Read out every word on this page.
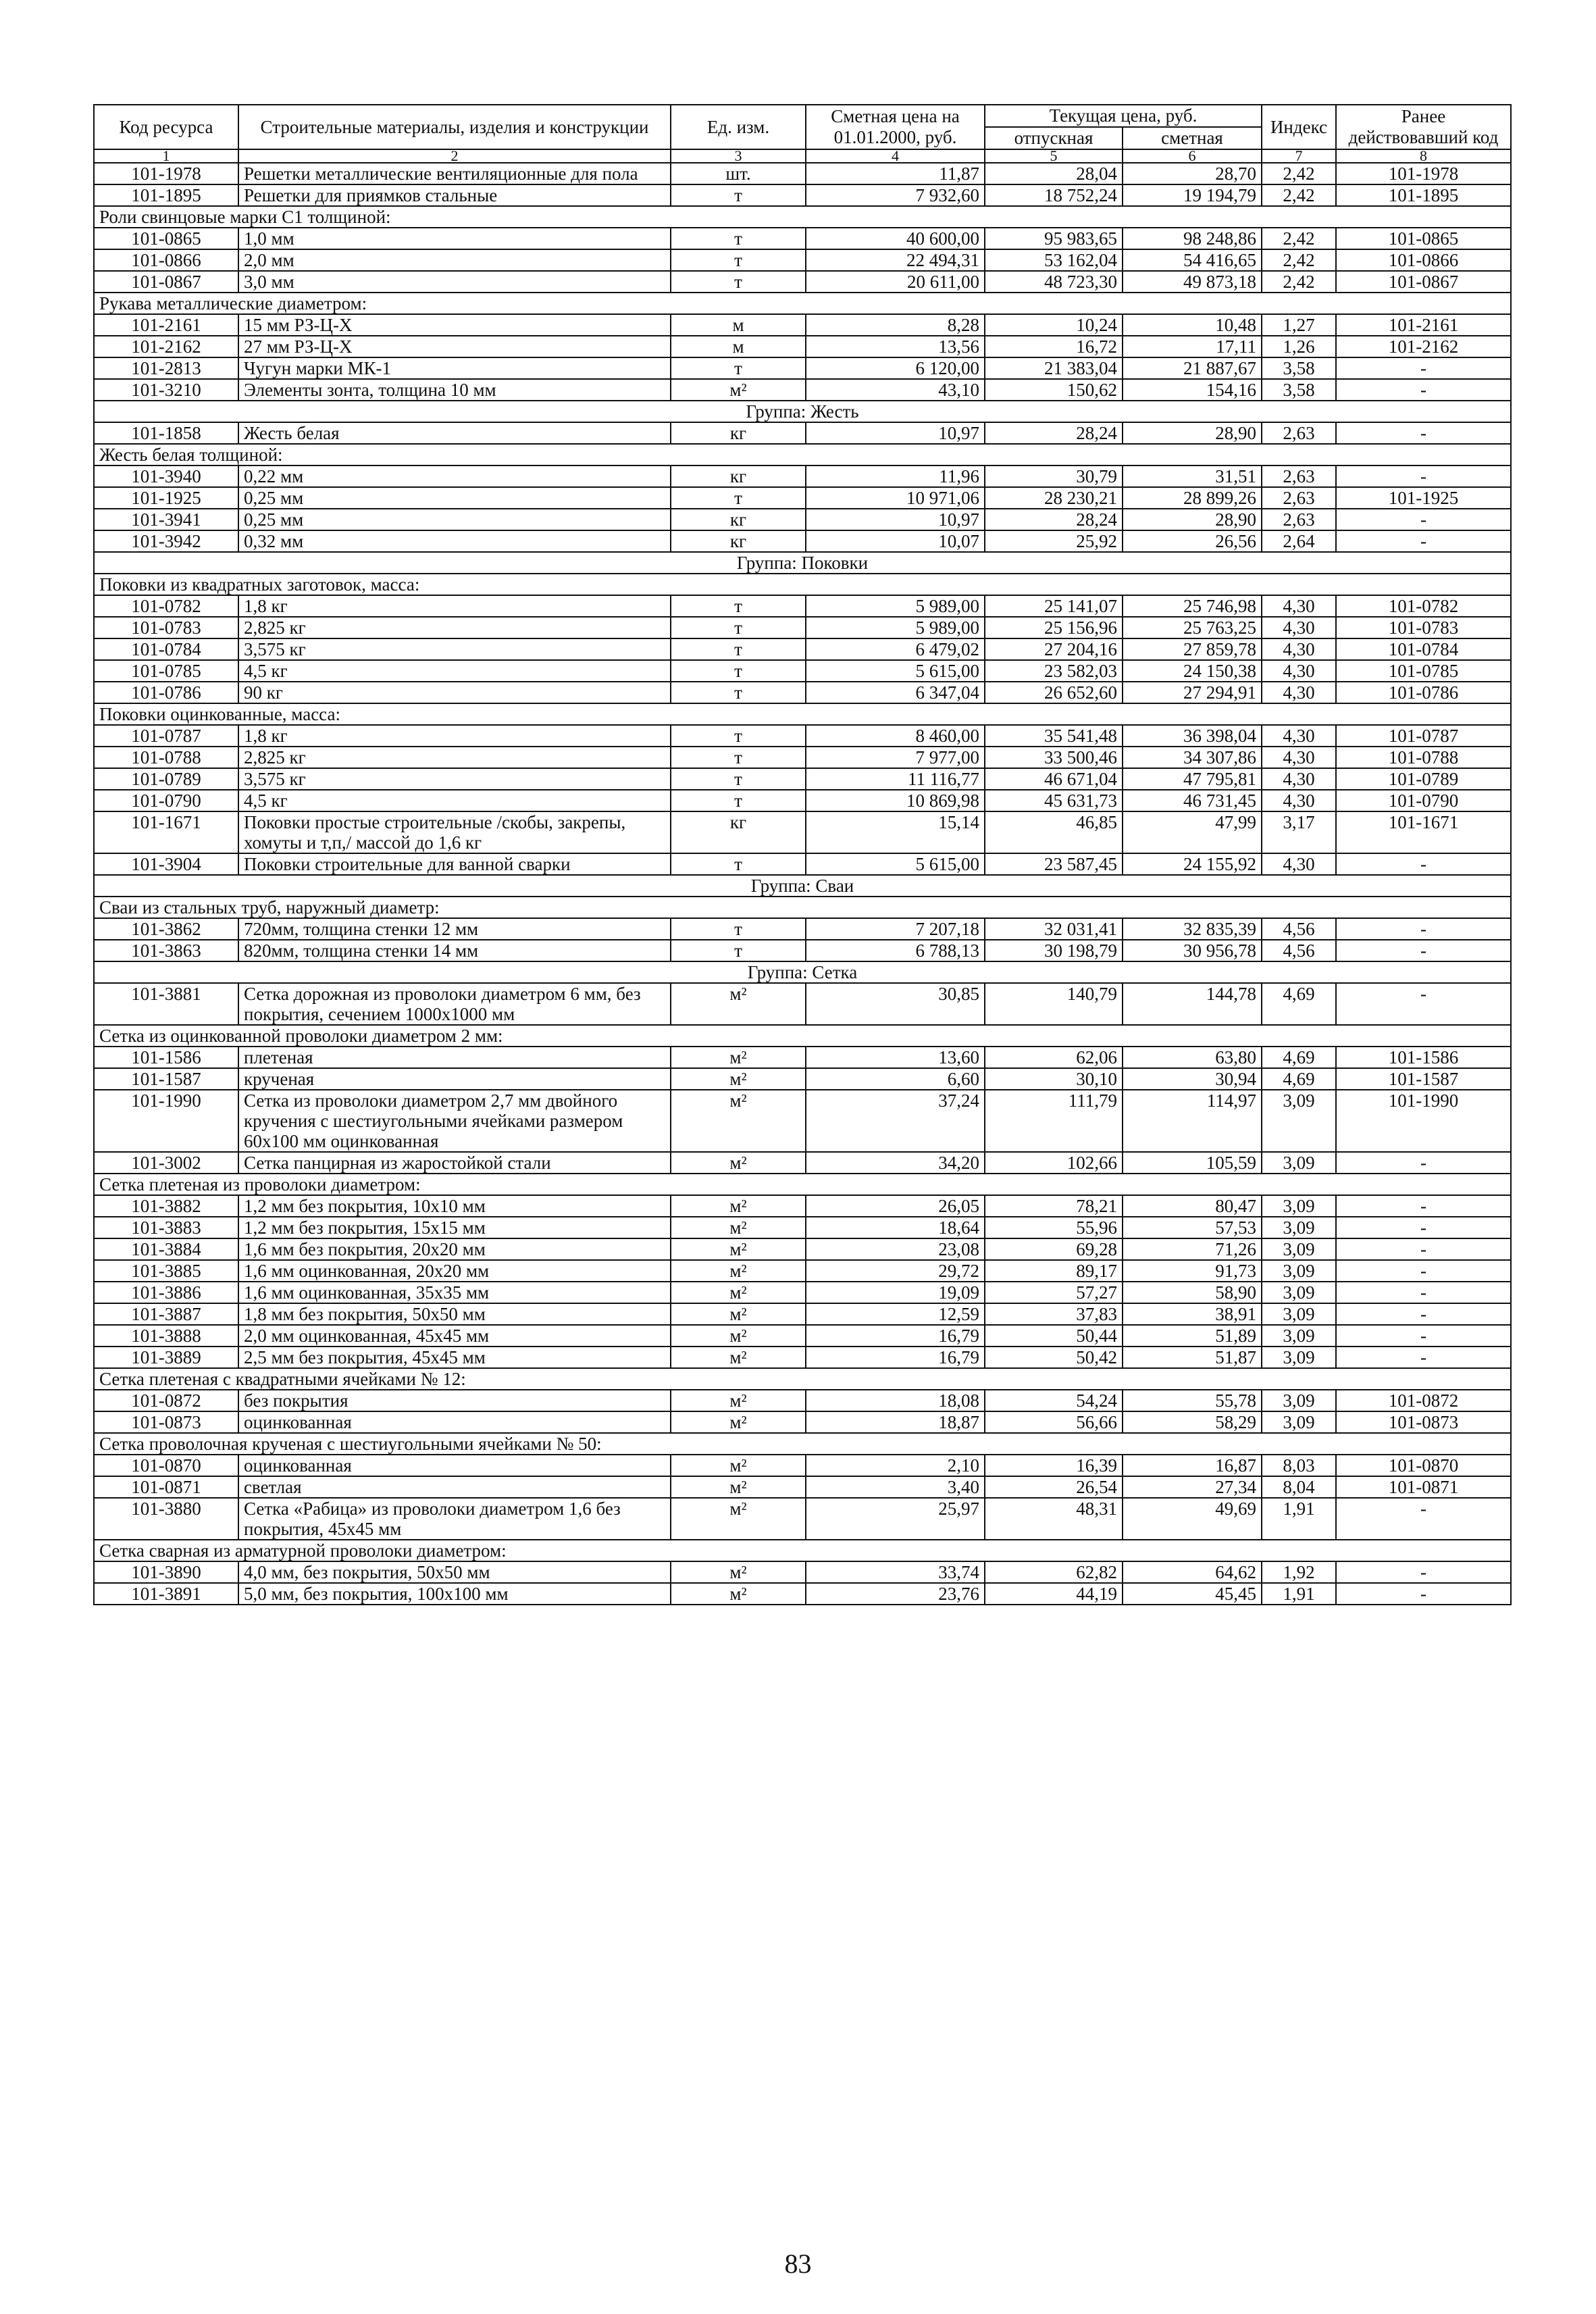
Код ресурса	Строительные материалы, изделия и конструкции	Ед. изм.	Сметная цена на 01.01.2000, руб.	Текущая цена, руб.		Индекс	Ранее действовавший код
				отпускная	сметная		
1	2	3	4	5	6	7	8
101-1978	Решетки металлические вентиляционные для пола	шт.	11,87	28,04	28,70	2,42	101-1978
101-1895	Решетки для приямков стальные	т	7 932,60	18 752,24	19 194,79	2,42	101-1895
Роли свинцовые марки С1 толщиной:							
101-0865	1,0 мм	т	40 600,00	95 983,65	98 248,86	2,42	101-0865
101-0866	2,0 мм	т	22 494,31	53 162,04	54 416,65	2,42	101-0866
101-0867	3,0 мм	т	20 611,00	48 723,30	49 873,18	2,42	101-0867
Рукава металлические диаметром:							
101-2161	15 мм РЗ-Ц-Х	м	8,28	10,24	10,48	1,27	101-2161
101-2162	27 мм РЗ-Ц-Х	м	13,56	16,72	17,11	1,26	101-2162
101-2813	Чугун марки МК-1	т	6 120,00	21 383,04	21 887,67	3,58	-
101-3210	Элементы зонта, толщина 10 мм	м²	43,10	150,62	154,16	3,58	-
Группа: Жесть							
101-1858	Жесть белая	кг	10,97	28,24	28,90	2,63	-
Жесть белая толщиной:							
101-3940	0,22 мм	кг	11,96	30,79	31,51	2,63	-
101-1925	0,25 мм	т	10 971,06	28 230,21	28 899,26	2,63	101-1925
101-3941	0,25 мм	кг	10,97	28,24	28,90	2,63	-
101-3942	0,32 мм	кг	10,07	25,92	26,56	2,64	-
Группа: Поковки							
Поковки из квадратных заготовок, масса:							
101-0782	1,8 кг	т	5 989,00	25 141,07	25 746,98	4,30	101-0782
101-0783	2,825 кг	т	5 989,00	25 156,96	25 763,25	4,30	101-0783
101-0784	3,575 кг	т	6 479,02	27 204,16	27 859,78	4,30	101-0784
101-0785	4,5 кг	т	5 615,00	23 582,03	24 150,38	4,30	101-0785
101-0786	90 кг	т	6 347,04	26 652,60	27 294,91	4,30	101-0786
Поковки оцинкованные, масса:							
101-0787	1,8 кг	т	8 460,00	35 541,48	36 398,04	4,30	101-0787
101-0788	2,825 кг	т	7 977,00	33 500,46	34 307,86	4,30	101-0788
101-0789	3,575 кг	т	11 116,77	46 671,04	47 795,81	4,30	101-0789
101-0790	4,5 кг	т	10 869,98	45 631,73	46 731,45	4,30	101-0790
101-1671	Поковки простые строительные /скобы, закрепы, хомуты и т,п,/ массой до 1,6 кг	кг	15,14	46,85	47,99	3,17	101-1671
101-3904	Поковки строительные для ванной сварки	т	5 615,00	23 587,45	24 155,92	4,30	-
Группа: Сваи							
Сваи из стальных труб, наружный диаметр:							
101-3862	720мм, толщина стенки 12 мм	т	7 207,18	32 031,41	32 835,39	4,56	-
101-3863	820мм, толщина стенки 14 мм	т	6 788,13	30 198,79	30 956,78	4,56	-
Группа: Сетка							
101-3881	Сетка дорожная из проволоки диаметром 6 мм, без покрытия, сечением 1000х1000 мм	м²	30,85	140,79	144,78	4,69	-
Сетка из оцинкованной проволоки диаметром 2 мм:							
101-1586	плетеная	м²	13,60	62,06	63,80	4,69	101-1586
101-1587	крученая	м²	6,60	30,10	30,94	4,69	101-1587
101-1990	Сетка из проволоки диаметром 2,7 мм двойного кручения с шестиугольными ячейками размером 60х100 мм оцинкованная	м²	37,24	111,79	114,97	3,09	101-1990
101-3002	Сетка панцирная из жаростойкой стали	м²	34,20	102,66	105,59	3,09	-
Сетка плетеная из проволоки диаметром:							
101-3882	1,2 мм без покрытия, 10х10 мм	м²	26,05	78,21	80,47	3,09	-
101-3883	1,2 мм без покрытия, 15х15 мм	м²	18,64	55,96	57,53	3,09	-
101-3884	1,6 мм без покрытия, 20х20 мм	м²	23,08	69,28	71,26	3,09	-
101-3885	1,6 мм оцинкованная, 20х20 мм	м²	29,72	89,17	91,73	3,09	-
101-3886	1,6 мм оцинкованная, 35х35 мм	м²	19,09	57,27	58,90	3,09	-
101-3887	1,8 мм без покрытия, 50х50 мм	м²	12,59	37,83	38,91	3,09	-
101-3888	2,0 мм оцинкованная, 45х45 мм	м²	16,79	50,44	51,89	3,09	-
101-3889	2,5 мм без покрытия, 45х45 мм	м²	16,79	50,42	51,87	3,09	-
Сетка плетеная с квадратными ячейками № 12:							
101-0872	без покрытия	м²	18,08	54,24	55,78	3,09	101-0872
101-0873	оцинкованная	м²	18,87	56,66	58,29	3,09	101-0873
Сетка проволочная крученая с шестиугольными ячейками № 50:							
101-0870	оцинкованная	м²	2,10	16,39	16,87	8,03	101-0870
101-0871	светлая	м²	3,40	26,54	27,34	8,04	101-0871
101-3880	Сетка «Рабица» из проволоки диаметром 1,6 без покрытия, 45х45 мм	м²	25,97	48,31	49,69	1,91	-
Сетка сварная из арматурной проволоки диаметром:							
101-3890	4,0 мм, без покрытия, 50х50 мм	м²	33,74	62,82	64,62	1,92	-
101-3891	5,0 мм, без покрытия, 100х100 мм	м²	23,76	44,19	45,45	1,91	-
83
